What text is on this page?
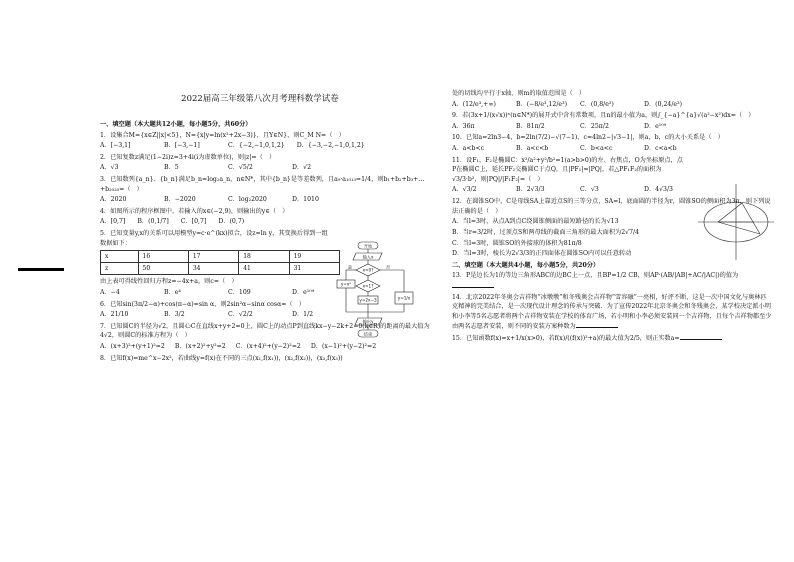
2022届高三年级第八次月考理科数学试卷
一、填空题（本大题共12小题，每小题5分，共60分）
1．设集合M={x∈Z||x|<5}，N={x|y=ln(x²+2x−3)}，且Y∈N}，则C_M N=（　）
A．[−3,1]	B．[−3,−1]	C．{−2,−1,0,1,2} D．{−3,−2,−1,0,1,2}
2．已知复数z满足(1−2i)z=3+4i(i为虚数单位)，则|z|=（　）
A．√3	B．5	C．√5/2	D．√2
3．已知数列{a_n}、{b_n}满足b_n=log₂a_n，n∈N*，其中{b_n}是等差数列，且a₉·a₁₀₁₃=1/4，则b₁+b₂+b₃+…+b₂₀₂₀=（　）
A．2020	B．−2020	C．log₂2020	D．1010
4．如图所示的程序框图中，若输入的x∈(−2,9)，则输出的y∈（　）
A．[0,7] B．(0,1/7] C．[0,7] D．(0,7)
5．已知变量y,x的关系可以用模型y=c·e^(kx)拟合，设z=ln y，其变换后得到一组数据如下：
x	16	17	18	19
z	50	34	41	31
由上表可得线性回归方程z=−4x+a，则c=（　）
A．−4	B．e⁴	C．109	D．e¹⁰⁹
6．已知sin(3π/2−α)+cos(π−α)=sin α，则2sin²α−sinα cosα=（　）
A．21/10	B．3/2	C．√2/2	D．1/2
7．已知圆C的半径为√2，且圆心C在直线x+y+2=0上，圆C上的动点P到直线kx−y−2k+2=0(k∈R)的距离的最大值为4√2，则圆C的标准方程为（　）
A．(x+3)²+(y+1)²=2 B．(x+2)²+y²=2 C．(x+4)²+(y−2)²=2 D．(x−1)²+(y−2)²=2
8．已知f(x)=me^x−2x²，若曲线y=f(x)在不同的三点(x₁,f(x₁))，(x₂,f(x₂))，(x₃,f(x₃))
开始
输入x
x<0?
x<1?
y=x²
y=2x−3	y=1/x
输出y
结束
是	否
处的切线均平行于x轴，则m的取值范围是（　）
A．(12/e³,+∞)	B．(−8/e³,12/e³) C．(0,8/e²)	D．(0,24/e³)
9．若(3x+1/(x√x))ⁿ(n∈N*)的展开式中含有常数项，且n的最小值为a，则∫_{−a}^{a}√(a²−x²)dx=（　）
A．36π	B．81π/2	C．25π/2	D．e¹⁰⁹
10．已知a=2ln3−4，b=2ln(7/2)−√(7−1)，c=4ln2−|√3−1|，则a，b，c的大小关系是（　）
A．a<b<c	B．a<c<b	C．b<a<c	D．c<a<b
11．设F₁，F₂是椭圆C：x²/a²+y²/b²=1(a>b>0)的左、右焦点，O为坐标原点，点P在椭圆C上，延长PF₂交椭圆C于点Q，且|PF₁|=|PQ|，若△PF₁F₂的面积为√3/3·b²，则|PQ|/|F₁F₂|=（　）
A．√3/2	B．2√3/3	C．√3	D．4√3/3
12．在圆锥SO中，C是母线SA上靠近点S的三等分点，SA=l，底面圆的半径为r，圆锥SO的侧面积为3π，则下列说法正确的是（　）
A．当l=3时，从点A到点C绕圆锥侧面的最短路径的长为√13
B．当r=3/2时，过顶点S和两母线的截面三角形的最大面积为2√7/4
C．当l=3时，圆锥SO的外接球的体积为81π/8
D．当l=3时，棱长为2√3/3的正四面体在圆锥SO内可以任意转动
二、填空题（本大题共4小题，每小题5分，共20分）
13．P是边长为1的等边三角形ABC的边BC上一点，且BP=1/2 CB，则AP·(AB/|AB|+AC/|AC|)的值为
14．北京2022年冬奥会吉祥物“冰墩墩”和冬残奥会吉祥物“雪容融”一亮相，好评不断，这是一次中国文化与奥林匹克精神的完美结合，是一次现代设计理念的传承与突破．为了宣传2022年北京冬奥会和冬残奥会，某学校决定派小明和小李等5名志愿者将两个吉祥物安装在学校的体育广场，若小明和小李必须安装同一个吉祥物，且每个吉祥物都至少由两名志愿者安装，则不同的安装方案种数为
15．已知函数f(x)=x+1/x(x>0)，若f(x)/((f(x))²+a)的最大值为2/5，则正实数a=
